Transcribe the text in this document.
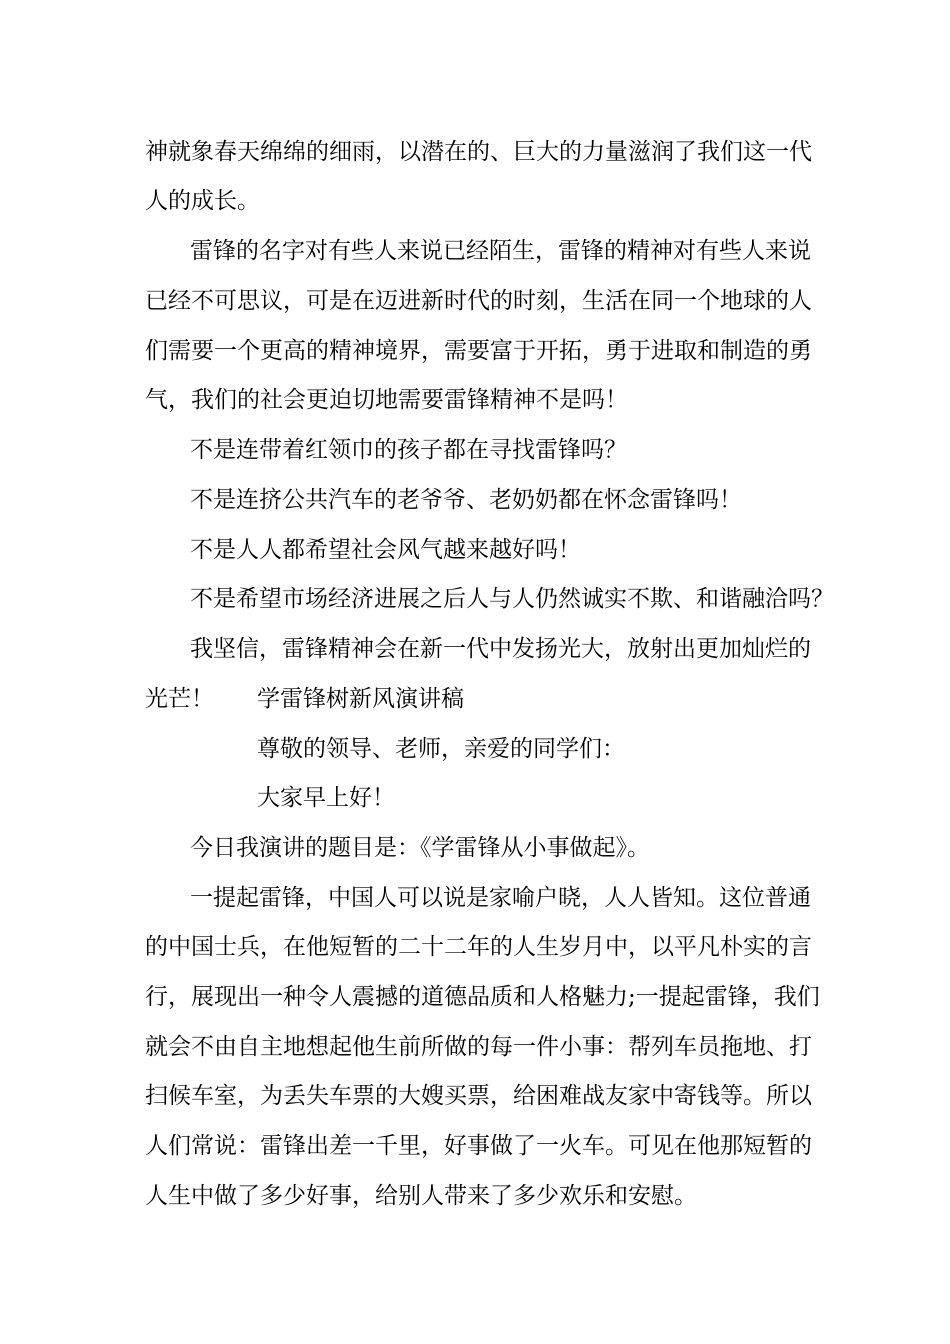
神就象春天绵绵的细雨，以潜在的、巨大的力量滋润了我们这一代
人的成长。
雷锋的名字对有些人来说已经陌生，雷锋的精神对有些人来说
已经不可思议，可是在迈进新时代的时刻，生活在同一个地球的人
们需要一个更高的精神境界，需要富于开拓，勇于进取和制造的勇
气，我们的社会更迫切地需要雷锋精神不是吗！
不是连带着红领巾的孩子都在寻找雷锋吗？
不是连挤公共汽车的老爷爷、老奶奶都在怀念雷锋吗！
不是人人都希望社会风气越来越好吗！
不是希望市场经济进展之后人与人仍然诚实不欺、和谐融洽吗？
我坚信，雷锋精神会在新一代中发扬光大，放射出更加灿烂的
光芒！ 学雷锋树新风演讲稿
尊敬的领导、老师，亲爱的同学们：
大家早上好！
今日我演讲的题目是：《学雷锋从小事做起》。
一提起雷锋，中国人可以说是家喻户晓，人人皆知。这位普通
的中国士兵，在他短暂的二十二年的人生岁月中，以平凡朴实的言
行，展现出一种令人震撼的道德品质和人格魅力;一提起雷锋，我们
就会不由自主地想起他生前所做的每一件小事：帮列车员拖地、打
扫候车室，为丢失车票的大嫂买票，给困难战友家中寄钱等。所以
人们常说：雷锋出差一千里，好事做了一火车。可见在他那短暂的
人生中做了多少好事，给别人带来了多少欢乐和安慰。
